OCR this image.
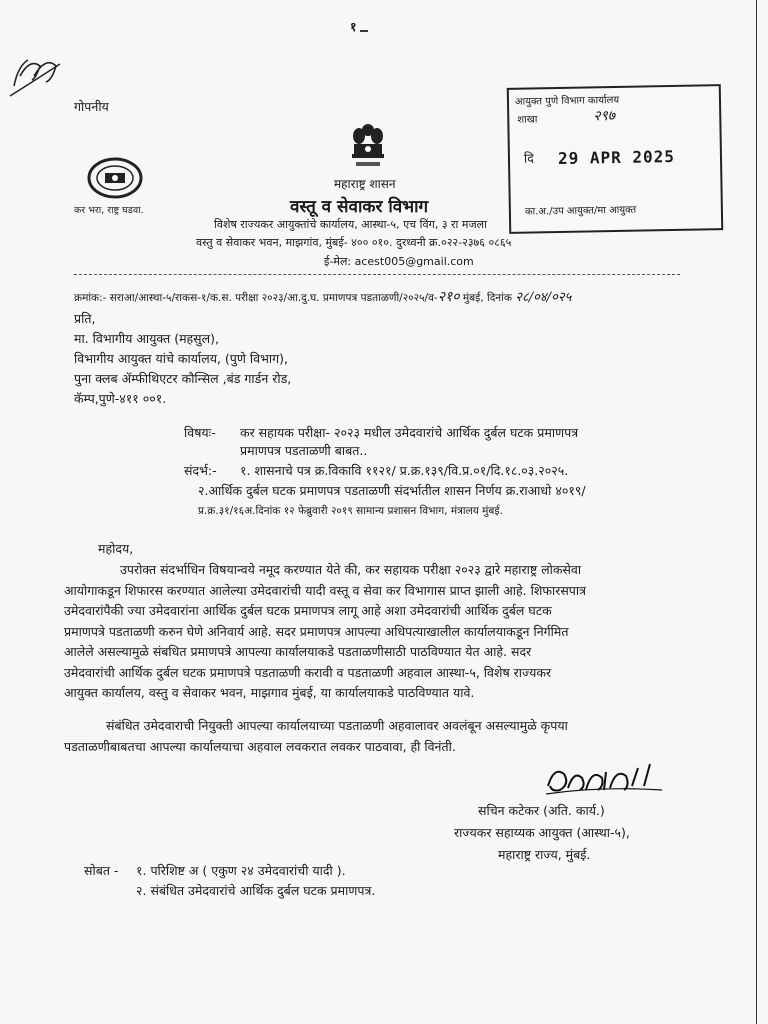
१
गोपनीय
कर भरा, राष्ट्र घडवा.
महाराष्ट्र शासन
वस्तू व सेवाकर विभाग
विशेष राज्यकर आयुक्तांचे कार्यालय, आस्था-५, एच विंग, ३ रा मजला
वस्तु व सेवाकर भवन, माझगांव, मुंबई- ४०० ०१०. दुरध्वनी क्र.०२२-२३७६ ०८६५
ई-मेल: acest005@gmail.com
आयुक्त पुणे विभाग कार्यालय
शाखा	२९७
दि 29 APR 2025
का.अ./उप आयुक्त/मा आयुक्त
क्रमांक:- सराआ/आस्था-५/राकस-१/क.स. परीक्षा २०२३/आ.दु.घ. प्रमाणपत्र पडताळणी/२०२५/व-२१० मुंबई, दिनांक २८/०४/०२५
प्रति,
मा. विभागीय आयुक्त (महसुल),
विभागीय आयुक्त यांचे कार्यालय, (पुणे विभाग),
पुना क्लब ॲम्फीथिएटर कौन्सिल ,बंड गार्डन रोड,
कॅम्प,पुणे-४११ ००१.
विषयः- कर सहायक परीक्षा- २०२३ मधील उमेदवारांचे आर्थिक दुर्बल घटक प्रमाणपत्र
प्रमाणपत्र पडताळणी बाबत..
संदर्भ:- १. शासनाचे पत्र क्र.विकावि ११२१/ प्र.क्र.१३९/वि.प्र.०१/दि.१८.०३.२०२५.
२.आर्थिक दुर्बल घटक प्रमाणपत्र पडताळणी संदर्भातील शासन निर्णय क्र.राआधो ४०१९/
प्र.क्र.३१/१६अ.दिनांक १२ फेब्रुवारी २०१९ सामान्य प्रशासन विभाग, मंत्रालय मुंबई.
महोदय,
उपरोक्त संदर्भाधिन विषयान्वये नमूद करण्यात येते की, कर सहायक परीक्षा २०२३ द्वारे महाराष्ट्र लोकसेवा
आयोगाकडून शिफारस करण्यात आलेल्या उमेदवारांची यादी वस्तू व सेवा कर विभागास प्राप्त झाली आहे. शिफारसपात्र
उमेदवारांपैकी ज्या उमेदवारांना आर्थिक दुर्बल घटक प्रमाणपत्र लागू आहे अशा उमेदवारांची आर्थिक दुर्बल घटक
प्रमाणपत्रे पडताळणी करुन घेणे अनिवार्य आहे. सदर प्रमाणपत्र आपल्या अधिपत्याखालील कार्यालयाकडून निर्गमित
आलेले असल्यामुळे संबधित प्रमाणपत्रे आपल्या कार्यालयाकडे पडताळणीसाठी पाठविण्यात येत आहे. सदर
उमेदवारांची आर्थिक दुर्बल घटक प्रमाणपत्रे पडताळणी करावी व पडताळणी अहवाल आस्था-५, विशेष राज्यकर
आयुक्त कार्यालय, वस्तु व सेवाकर भवन, माझगाव मुंबई, या कार्यालयाकडे पाठविण्यात यावे.
संबंधित उमेदवाराची नियुक्ती आपल्या कार्यालयाच्या पडताळणी अहवालावर अवलंबून असल्यामुळे कृपया
पडताळणीबाबतचा आपल्या कार्यालयाचा अहवाल लवकरात लवकर पाठवावा, ही विनंती.
सचिन कटेकर (अति. कार्य.)
राज्यकर सहाय्यक आयुक्त (आस्था-५),
महाराष्ट्र राज्य, मुंबई.
सोबत - १. परिशिष्ट अ ( एकुण २४ उमेदवारांची यादी ).
२. संबंधित उमेदवारांचे आर्थिक दुर्बल घटक प्रमाणपत्र.
